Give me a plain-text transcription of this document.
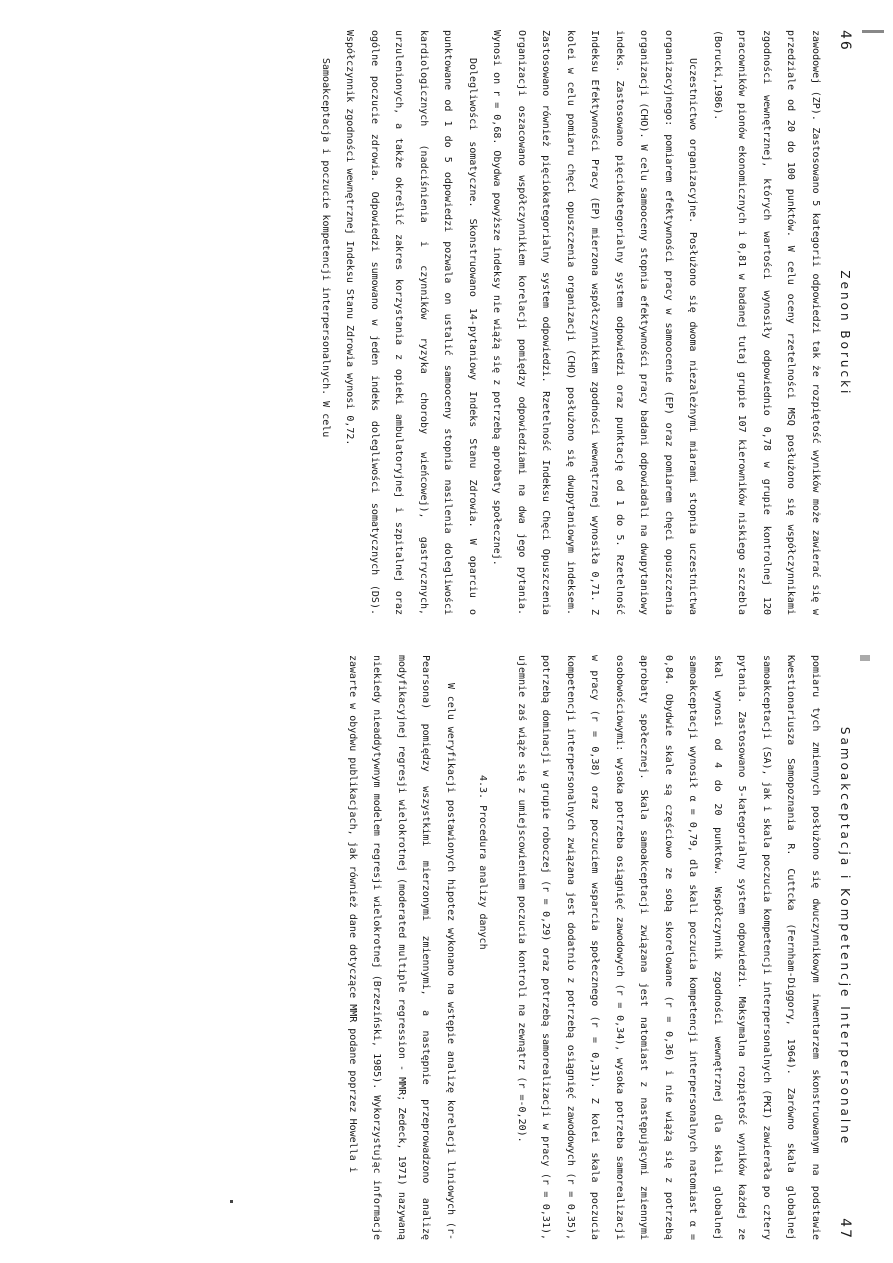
46
Zenon Borucki

zawodowej (ZP). Zastosowano 5 kategorii odpowiedzi tak że rozpiętość wyników może zawierać się w przedziale od 20 do 100 punktów. W celu oceny rzetelności MSQ posłużono się współczynnikami zgodności wewnętrznej, których wartości wynosiły odpowiednio 0,78 w grupie kontrolnej 120 pracowników pionów ekonomicznych i 0,81 w badanej tutaj grupie 107 kierowników niskiego szczebla (Borucki,1986).

Uczestnictwo organizacyjne. Posłużono się dwoma niezależnymi miarami stopnia uczestnictwa organizacyjnego: pomiarem efektywności pracy w samoocenie (EP) oraz pomiarem chęci opuszczenia organizacji (CHO). W celu samooceny stopnia efektywności pracy badani odpowiadali na dwupytaniowy indeks. Zastosowano pięciokategorialny system odpowiedzi oraz punktację od 1 do 5. Rzetelność Indeksu Efektywności Pracy (EP) mierzona współczynnikiem zgodności wewnętrznej wynosiła 0,71. Z kolei w celu pomiaru chęci opuszczenia organizacji (CHO) posłużono się dwupytaniowym indeksem. Zastosowano również pięciokategorialny system odpowiedzi. Rzetelność Indeksu Chęci Opuszczenia Organizacji oszacowano współczynnikiem korelacji pomiędzy odpowiedziami na dwa jego pytania. Wynosi on r = 0,68. Obydwa powyższe indeksy nie wiążą się z potrzebą aprobaty społecznej.

Dolegliwości somatyczne. Skonstruowano 14-pytaniowy Indeks Stanu Zdrowia. W oparciu o punktowane od 1 do 5 odpowiedzi pozwala on ustalić samooceny stopnia nasilenia dolegliwości kardiologicznych (nadciśnienia i czynników ryzyka choroby wieńcowej), gastrycznych, urzulenionych, a także określić zakres korzystania z opieki ambulatoryjnej i szpitalnej oraz ogólne poczucie zdrowia. Odpowiedzi sumowano w jeden indeks dolegliwości somatycznych (DS). Współczynnik zgodności wewnętrznej Indeksu Stanu Zdrowia wynosi 0,72.

Samoakceptacja i poczucie kompetencji interpersonalnych. W celu

Samoakceptacja i Kompetencje Interpersonalne
47

pomiaru tych zmiennych posłużono się dwuczynnikowym inwentarzem skonstruowanym na podstawie Kwestionariusza Samopoznania R. Cuttcka (Fernham-Diggory, 1964). Zarówno skala globalnej samoakceptacji (SA), jak i skala poczucia kompetencji interpersonalnych (PKI) zawierała po cztery pytania. Zastosowano 5-kategorialny system odpowiedzi. Maksymalna rozpiętość wyników każdej ze skal wynosi od 4 do 20 punktów. Współczynnik zgodności wewnętrznej dla skali globalnej samoakceptacji wynosił α = 0,79, dla skali poczucia kompetencji interpersonalnych natomiast α = 0,84. Obydwie skale są częściowo ze sobą skorelowane (r = 0,36) i nie wiążą się z potrzebą aprobaty społecznej. Skala samoakceptacji związana jest natomiast z następującymi zmiennymi osobowościowymi: wysoka potrzeba osiągnięć zawodowych (r = 0,34), wysoka potrzeba samorealizacji w pracy (r = 0,38) oraz poczuciem wsparcia społecznego (r = 0,31). Z kolei skala poczucia kompetencji interpersonalnych związana jest dodatnio z potrzebą osiągnięć zawodowych (r = 0,35), potrzebą dominacji w grupie roboczej (r = 0,29) oraz potrzebą samorealizacji w pracy (r = 0,31), ujemnie zaś wiąże się z umiejscowieniem poczucia kontroli na zewnątrz (r =-0,20).

4.3. Procedura analizy danych

W celu weryfikacji postawionych hipotez wykonano na wstępie analizę korelacji liniowych (r-Pearsona) pomiędzy wszystkimi mierzonymi zmiennymi, a następnie przeprowadzono analizę modyfikacyjnej regresji wielokrotnej (moderated multiple regression - MMR; Zedeck, 1971) nazywaną niekiedy nieaddytywnym modelem regresji wielokrotnej (Brzeziński, 1985). Wykorzystując informacje zawarte w obydwu publikacjach, jak również dane dotyczące MMR podane poprzez Howella i
